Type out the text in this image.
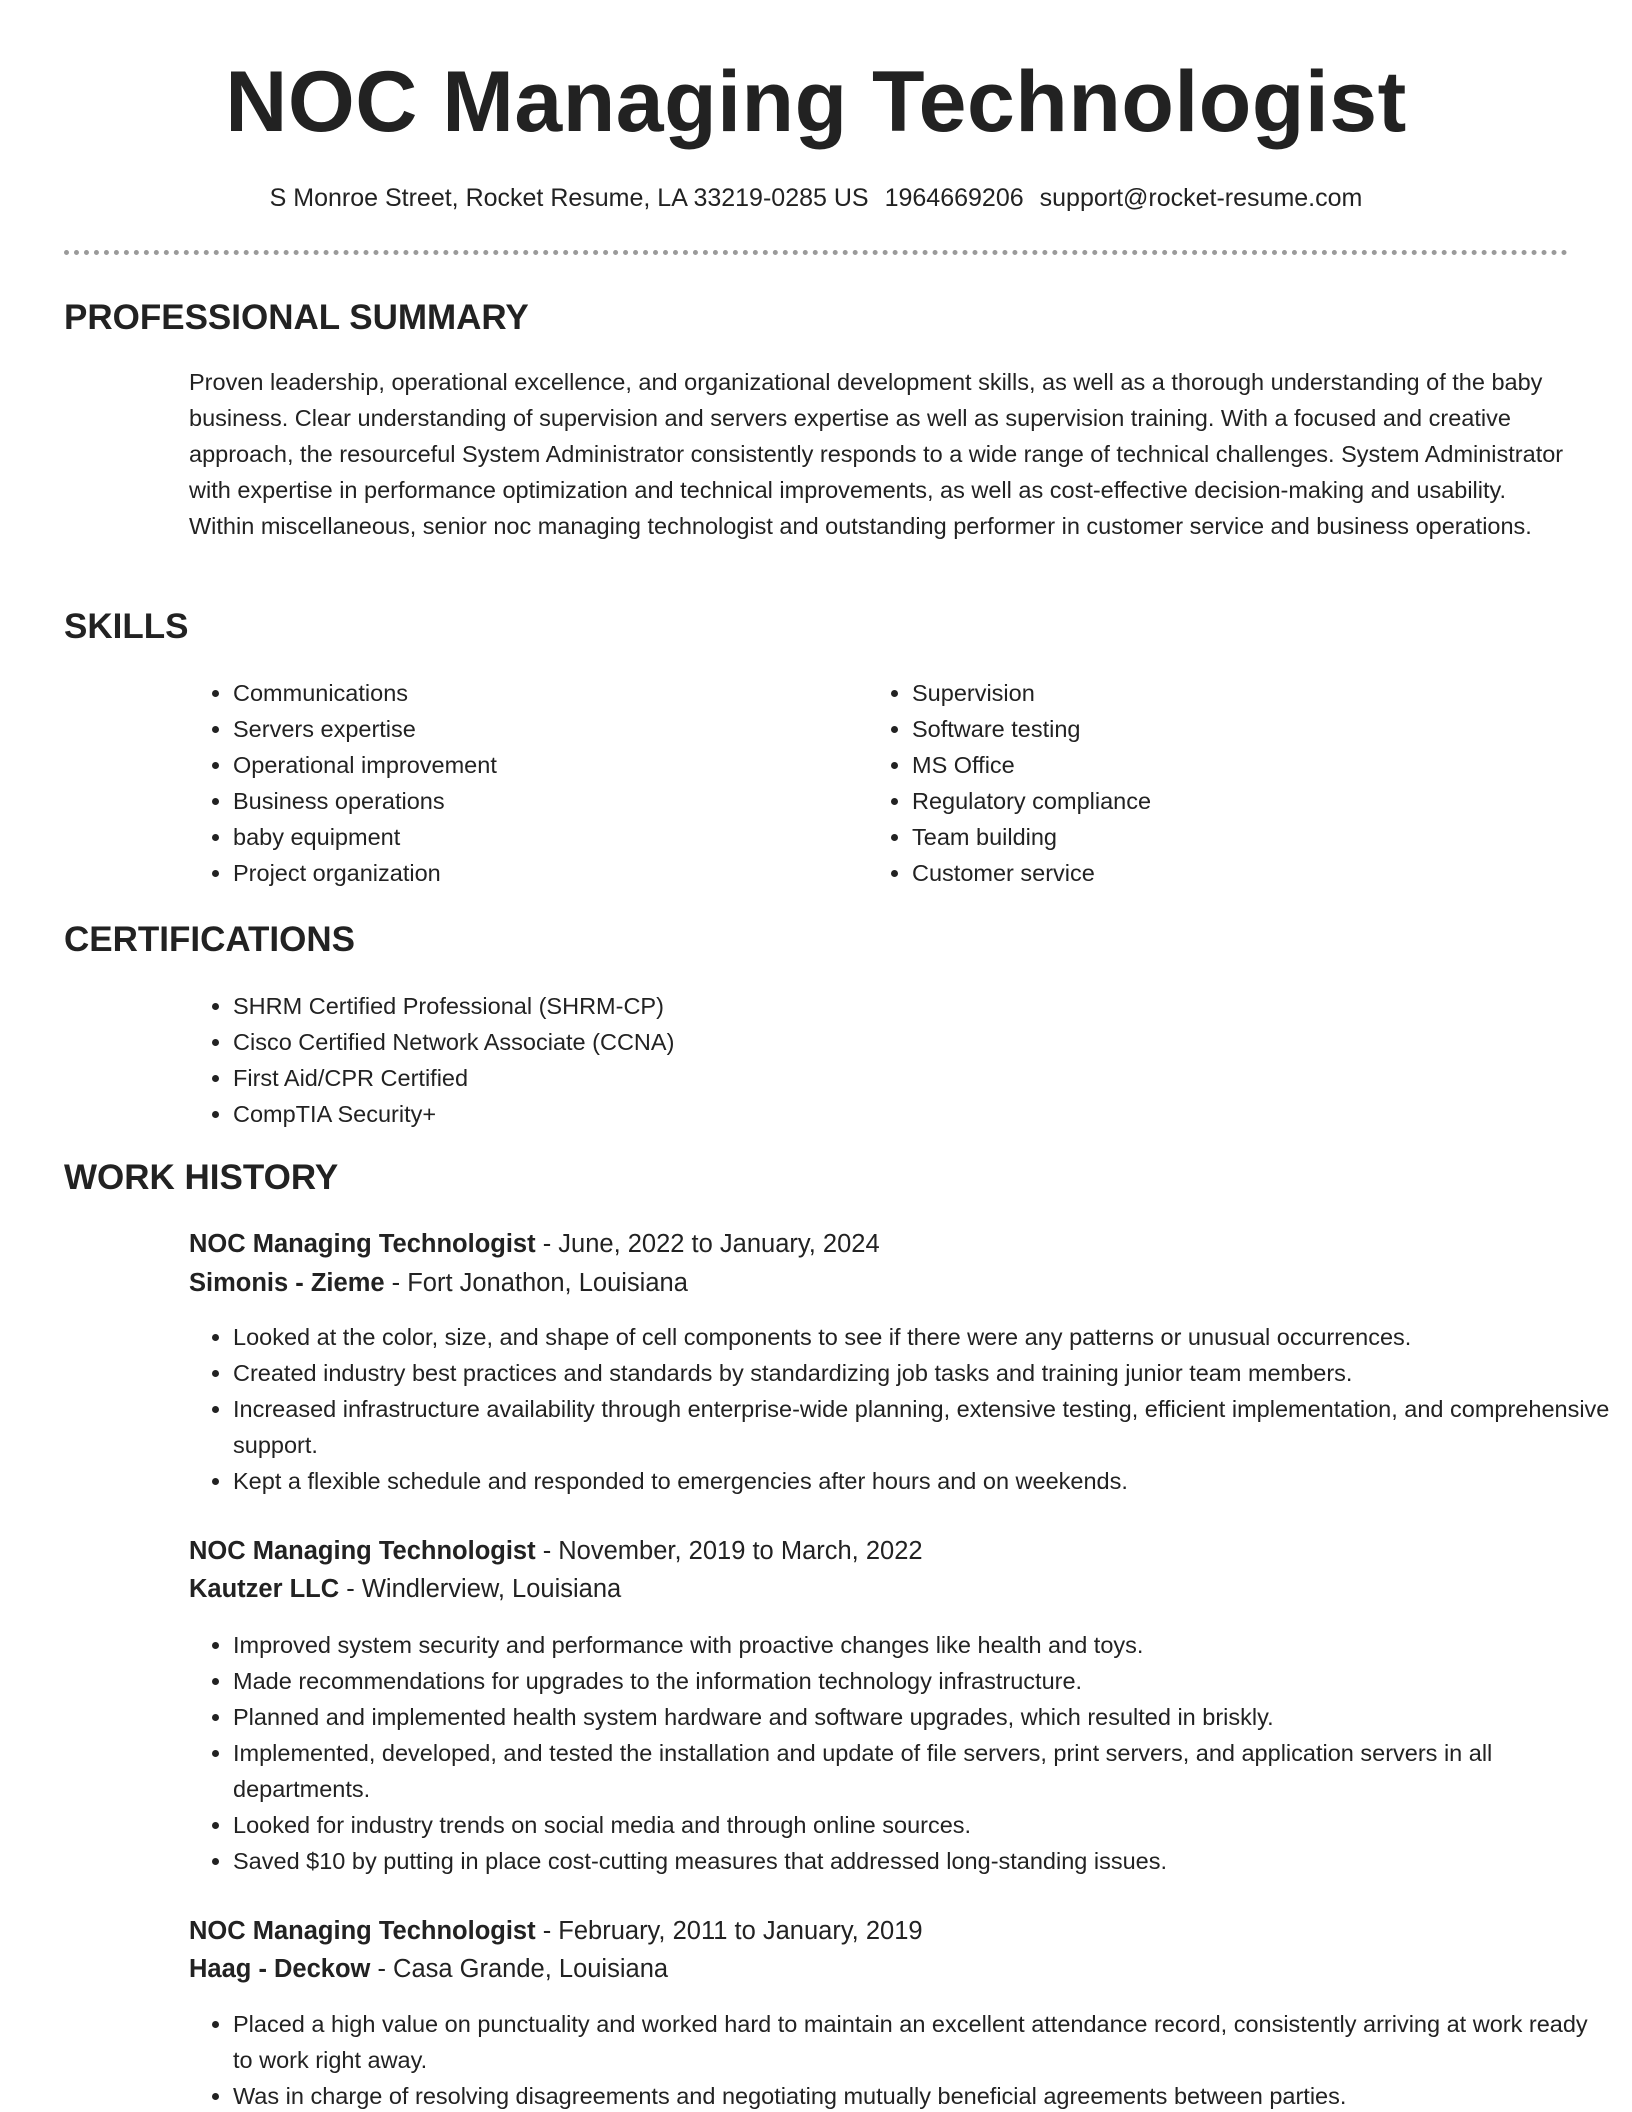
NOC Managing Technologist
S Monroe Street, Rocket Resume, LA 33219-0285 US 1964669206 support@rocket-resume.com
PROFESSIONAL SUMMARY

Proven leadership, operational excellence, and organizational development skills, as well as a thorough understanding of the baby business. Clear understanding of supervision and servers expertise as well as supervision training. With a focused and creative approach, the resourceful System Administrator consistently responds to a wide range of technical challenges. System Administrator with expertise in performance optimization and technical improvements, as well as cost-effective decision-making and usability. Within miscellaneous, senior noc managing technologist and outstanding performer in customer service and business operations.

SKILLS
• Communications
• Servers expertise
• Operational improvement
• Business operations
• baby equipment
• Project organization
• Supervision
• Software testing
• MS Office
• Regulatory compliance
• Team building
• Customer service
CERTIFICATIONS
• SHRM Certified Professional (SHRM-CP)
• Cisco Certified Network Associate (CCNA)
• First Aid/CPR Certified
• CompTIA Security+
WORK HISTORY

NOC Managing Technologist - June, 2022 to January, 2024

Simonis - Zieme - Fort Jonathon, Louisiana

• Looked at the color, size, and shape of cell components to see if there were any patterns or unusual occurrences.
• Created industry best practices and standards by standardizing job tasks and training junior team members.
• Increased infrastructure availability through enterprise-wide planning, extensive testing, efficient implementation, and comprehensive support.
• Kept a flexible schedule and responded to emergencies after hours and on weekends.

NOC Managing Technologist - November, 2019 to March, 2022

Kautzer LLC - Windlerview, Louisiana

• Improved system security and performance with proactive changes like health and toys.
• Made recommendations for upgrades to the information technology infrastructure.
• Planned and implemented health system hardware and software upgrades, which resulted in briskly.
• Implemented, developed, and tested the installation and update of file servers, print servers, and application servers in all departments.
• Looked for industry trends on social media and through online sources.
• Saved $10 by putting in place cost-cutting measures that addressed long-standing issues.

NOC Managing Technologist - February, 2011 to January, 2019

Haag - Deckow - Casa Grande, Louisiana

• Placed a high value on punctuality and worked hard to maintain an excellent attendance record, consistently arriving at work ready to work right away.
• Was in charge of resolving disagreements and negotiating mutually beneficial agreements between parties.
